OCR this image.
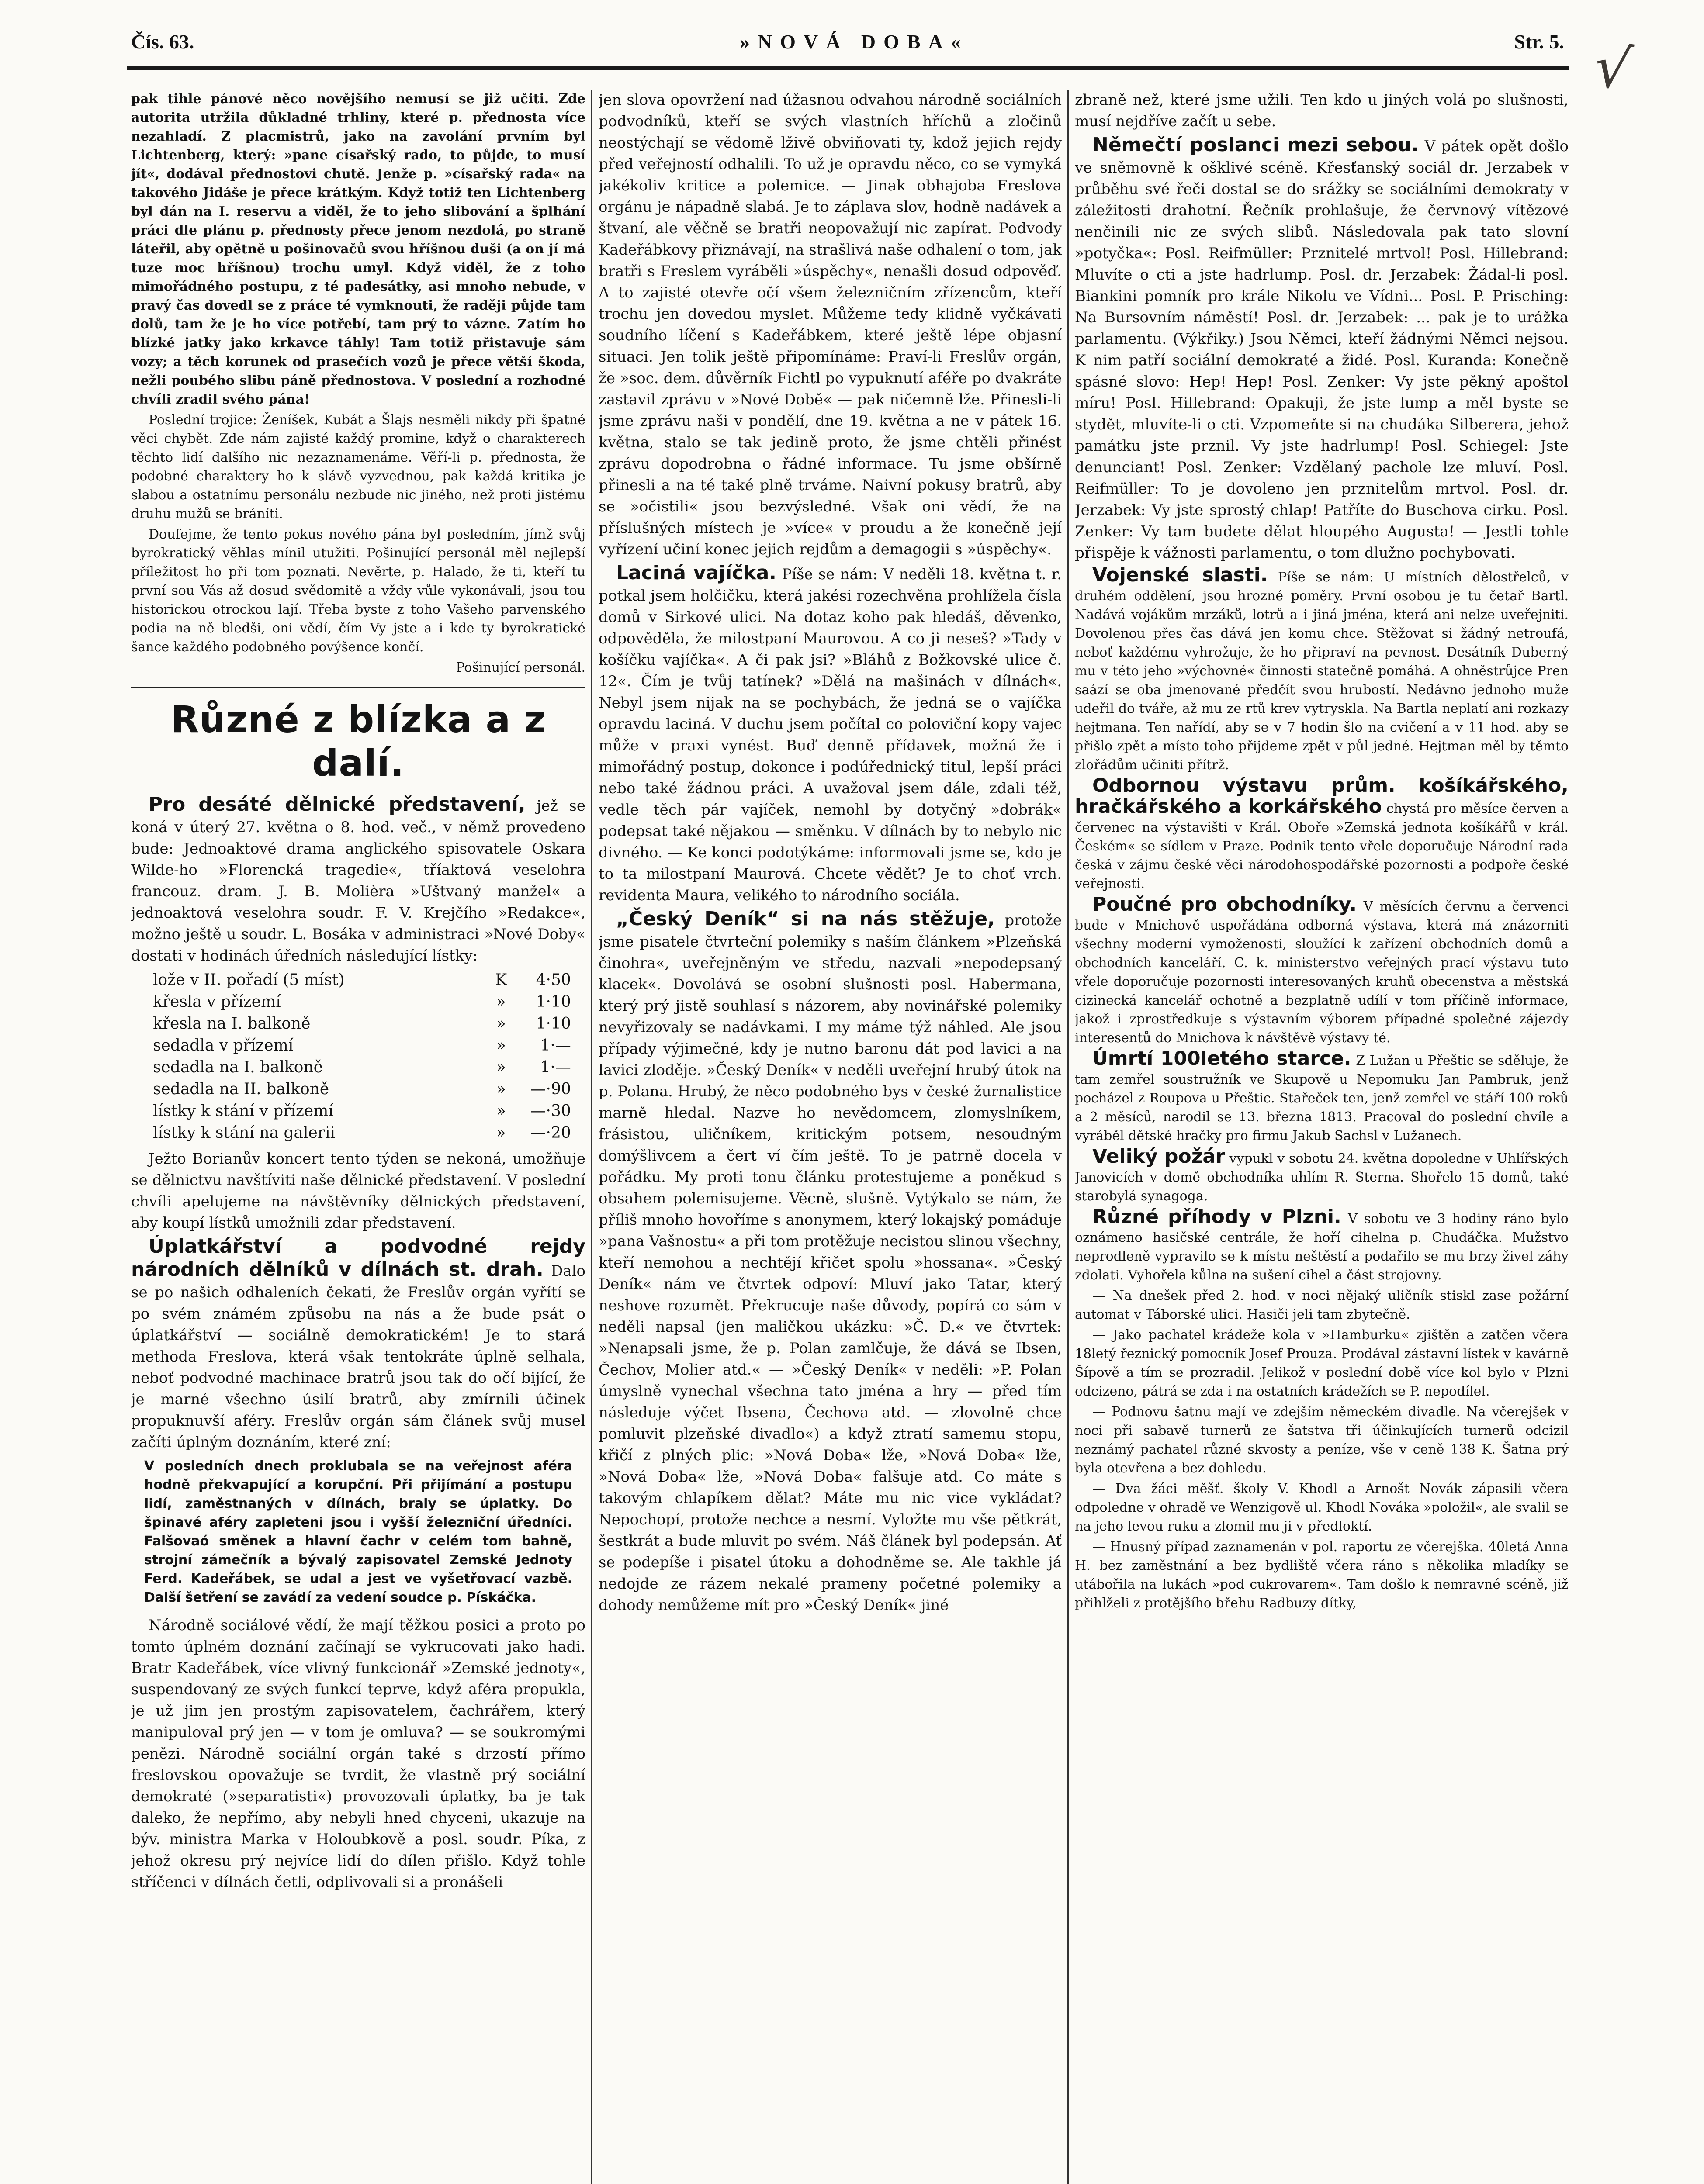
Čís. 63.	»NOVÁ DOBA«	Str. 5. √

pak tihle pánové něco novějšího nemusí se již učiti. Zde autorita utržila důkladné trhliny, které p. přednosta více nezahladí. Z placmistrů, jako na zavolání prvním byl Lichtenberg, který: »pane císařský rado, to půjde, to musí jít«, dodával přednostovi chutě. Jenže p. »císařský rada« na takového Jidáše je přece krátkým. Když totiž ten Lichtenberg byl dán na I. reservu a viděl, že to jeho slibování a šplhání práci dle plánu p. přednosty přece jenom nezdolá, po straně láteřil, aby opětně u pošinovačů svou hříšnou duši (a on jí má tuze moc hříšnou) trochu umyl. Když viděl, že z toho mimořádného postupu, z té padesátky, asi mnoho nebude, v pravý čas dovedl se z práce té vymknouti, že raději půjde tam dolů, tam že je ho více potřebí, tam prý to vázne. Zatím ho blízké jatky jako krkavce táhly! Tam totiž přistavuje sám vozy; a těch korunek od prasečích vozů je přece větší škoda, nežli poubého slibu páně přednostova. V poslední a rozhodné chvíli zradil svého pána!

Poslední trojice: Ženíšek, Kubát a Šlajs nesměli nikdy při špatné věci chybět. Zde nám zajisté každý promine, když o charakterech těchto lidí dalšího nic nezaznamenáme. Věří-li p. přednosta, že podobné charaktery ho k slávě vyzvednou, pak každá kritika je slabou a ostatnímu personálu nezbude nic jiného, než proti jistému druhu mužů se bráníti.

Doufejme, že tento pokus nového pána byl posledním, jímž svůj byrokratický věhlas mínil utužiti. Pošinující personál měl nejlepší příležitost ho při tom poznati. Nevěrte, p. Halado, že ti, kteří tu první sou Vás až dosud svědomitě a vždy vůle vykonávali, jsou tou historickou otrockou lají. Třeba byste z toho Vašeho parvenského podia na ně bledši, oni vědí, čím Vy jste a i kde ty byrokratické šance každého podobného povýšence končí.

Pošinující personál.

Různé z blízka a z dalí.

Pro desáté dělnické představení, jež se koná v úterý 27. května o 8. hod. več., v němž provedeno bude: Jednoaktové drama anglického spisovatele Oskara Wilde-ho »Florencká tragedie«, tříaktová veselohra francouz. dram. J. B. Molièra »Uštvaný manžel« a jednoaktová veselohra soudr. F. V. Krejčího »Redakce«, možno ještě u soudr. L. Bosáka v administraci »Nové Doby« dostati v hodinách úředních následující lístky:

lože v II. pořadí (5 míst)	K	4·50
křesla v přízemí	»	1·10
křesla na I. balkoně	»	1·10
sedadla v přízemí	»	1·—
sedadla na I. balkoně	»	1·—
sedadla na II. balkoně	»	—·90
lístky k stání v přízemí	»	—·30
lístky k stání na galerii	»	—·20

Ježto Borianův koncert tento týden se nekoná, umožňuje se dělnictvu navštíviti naše dělnické představení. V poslední chvíli apelujeme na návštěvníky dělnických představení, aby koupí lístků umožnili zdar představení.

Úplatkářství a podvodné rejdy národních dělníků v dílnách st. drah. Dalo se po našich odhaleních čekati, že Freslův orgán vyřítí se po svém známém způsobu na nás a že bude psát o úplatkářství — sociálně demokratickém! Je to stará methoda Freslova, která však tentokráte úplně selhala, neboť podvodné machinace bratrů jsou tak do očí bijící, že je marné všechno úsilí bratrů, aby zmírnili účinek propuknuvší aféry. Freslův orgán sám článek svůj musel začíti úplným doznáním, které zní:

V posledních dnech proklubala se na veřejnost aféra hodně překvapující a korupční. Při přijímání a postupu lidí, zaměstnaných v dílnách, braly se úplatky. Do špinavé aféry zapleteni jsou i vyšší železniční úředníci. Falšovaó směnek a hlavní čachr v celém tom bahně, strojní zámečník a bývalý zapisovatel Zemské Jednoty Ferd. Kadeřábek, se udal a jest ve vyšetřovací vazbě. Další šetření se zavádí za vedení soudce p. Pískáčka.

Národně sociálové vědí, že mají těžkou posici a proto po tomto úplném doznání začínají se vykrucovati jako hadi. Bratr Kadeřábek, více vlivný funkcionář »Zemské jednoty«, suspendovaný ze svých funkcí teprve, když aféra propukla, je už jim jen prostým zapisovatelem, čachrářem, který manipuloval prý jen — v tom je omluva? — se soukromými penězi. Národně sociální orgán také s drzostí přímo freslovskou opovažuje se tvrdit, že vlastně prý sociální demokraté (»separatisti«) provozovali úplatky, ba je tak daleko, že nepřímo, aby nebyli hned chyceni, ukazuje na býv. ministra Marka v Holoubkově a posl. soudr. Píka, z jehož okresu prý nejvíce lidí do dílen přišlo. Když tohle stříčenci v dílnách četli, odplivovali si a pronášeli

jen slova opovržení nad úžasnou odvahou národně sociálních podvodníků, kteří se svých vlastních hříchů a zločinů neostýchají se vědomě lživě obviňovati ty, kdož jejich rejdy před veřejností odhalili. To už je opravdu něco, co se vymyká jakékoliv kritice a polemice. — Jinak obhajoba Freslova orgánu je nápadně slabá. Je to záplava slov, hodně nadávek a štvaní, ale věčně se bratři neopovažují nic zapírat. Podvody Kadeřábkovy přiznávají, na strašlivá naše odhalení o tom, jak bratři s Freslem vyráběli »úspěchy«, nenašli dosud odpověď. A to zajisté otevře očí všem železničním zřízencům, kteří trochu jen dovedou myslet. Můžeme tedy klidně vyčkávati soudního líčení s Kadeřábkem, které ještě lépe objasní situaci. Jen tolik ještě připomínáme: Praví-li Freslův orgán, že »soc. dem. důvěrník Fichtl po vypuknutí aféře po dvakráte zastavil zprávu v »Nové Době« — pak ničemně lže. Přinesli-li jsme zprávu naši v pondělí, dne 19. května a ne v pátek 16. května, stalo se tak jedině proto, že jsme chtěli přinést zprávu dopodrobna o řádné informace. Tu jsme obšírně přinesli a na té také plně trváme. Naivní pokusy bratrů, aby se »očistili« jsou bezvýsledné. Však oni vědí, že na příslušných místech je »více« v proudu a že konečně její vyřízení učiní konec jejich rejdům a demagogii s »úspěchy«.

Laciná vajíčka. Píše se nám: V neděli 18. května t. r. potkal jsem holčičku, která jakési rozechvěna prohlížela čísla domů v Sirkové ulici. Na dotaz koho pak hledáš, děvenko, odpověděla, že milostpaní Maurovou. A co ji neseš? »Tady v košíčku vajíčka«. A či pak jsi? »Bláhů z Božkovské ulice č. 12«. Čím je tvůj tatínek? »Dělá na mašinách v dílnách«. Nebyl jsem nijak na se pochybách, že jedná se o vajíčka opravdu laciná. V duchu jsem počítal co poloviční kopy vajec může v praxi vynést. Buď denně přídavek, možná že i mimořádný postup, dokonce i podúřednický titul, lepší práci nebo také žádnou práci. A uvažoval jsem dále, zdali též, vedle těch pár vajíček, nemohl by dotyčný »dobrák« podepsat také nějakou — směnku. V dílnách by to nebylo nic divného. — Ke konci podotýkáme: informovali jsme se, kdo je to ta milostpaní Maurová. Chcete vědět? Je to choť vrch. revidenta Maura, velikého to národního sociála.

„Český Deník“ si na nás stěžuje, protože jsme pisatele čtvrteční polemiky s naším článkem »Plzeňská činohra«, uveřejněným ve středu, nazvali »nepodepsaný klacek«. Dovolává se osobní slušnosti posl. Habermana, který prý jistě souhlasí s názorem, aby novinářské polemiky nevyřizovaly se nadávkami. I my máme týž náhled. Ale jsou případy výjimečné, kdy je nutno baronu dát pod lavici a na lavici zloděje. »Český Deník« v neděli uveřejní hrubý útok na p. Polana. Hrubý, že něco podobného bys v české žurnalistice marně hledal. Nazve ho nevědomcem, zlomyslníkem, frásistou, uličníkem, kritickým potsem, nesoudným domýšlivcem a čert ví čím ještě. To je patrně docela v pořádku. My proti tonu článku protestujeme a poněkud s obsahem polemisujeme. Věcně, slušně. Vytýkalo se nám, že příliš mnoho hovoříme s anonymem, který lokajský pomáduje »pana Vašnostu« a při tom protěžuje necistou slinou všechny, kteří nemohou a nechtějí křičet spolu »hossana«. »Český Deník« nám ve čtvrtek odpoví: Mluví jako Tatar, který neshove rozumět. Překrucuje naše důvody, popírá co sám v neděli napsal (jen maličkou ukázku: »Č. D.« ve čtvrtek: »Nenapsali jsme, že p. Polan zamlčuje, že dává se Ibsen, Čechov, Molier atd.« — »Český Deník« v neděli: »P. Polan úmyslně vynechal všechna tato jména a hry — před tím následuje výčet Ibsena, Čechova atd. — zlovolně chce pomluvit plzeňské divadlo«) a když ztratí samemu stopu, křičí z plných plic: »Nová Doba« lže, »Nová Doba« lže, »Nová Doba« lže, »Nová Doba« falšuje atd. Co máte s takovým chlapíkem dělat? Máte mu nic vice vykládat? Nepochopí, protože nechce a nesmí. Vyložte mu vše pětkrát, šestkrát a bude mluvit po svém. Náš článek byl podepsán. Ať se podepíše i pisatel útoku a dohodněme se. Ale takhle já nedojde ze rázem nekalé prameny početné polemiky a dohody nemůžeme mít pro »Český Deník« jiné

zbraně než, které jsme užili. Ten kdo u jiných volá po slušnosti, musí nejdříve začít u sebe.

Němečtí poslanci mezi sebou. V pátek opět došlo ve sněmovně k ošklivé scéně. Křesťanský sociál dr. Jerzabek v průběhu své řeči dostal se do srážky se sociálními demokraty v záležitosti drahotní. Řečník prohlašuje, že červnový vítězové nenčinili nic ze svých slibů. Následovala pak tato slovní »potyčka«: Posl. Reifmüller: Prznitelé mrtvol! Posl. Hillebrand: Mluvíte o cti a jste hadrlump. Posl. dr. Jerzabek: Žádal-li posl. Biankini pomník pro krále Nikolu ve Vídni... Posl. P. Prisching: Na Bursovním náměstí! Posl. dr. Jerzabek: ... pak je to urážka parlamentu. (Výkřiky.) Jsou Němci, kteří žádnými Němci nejsou. K nim patří sociální demokraté a židé. Posl. Kuranda: Konečně spásné slovo: Hep! Hep! Posl. Zenker: Vy jste pěkný apoštol míru! Posl. Hillebrand: Opakuji, že jste lump a měl byste se stydět, mluvíte-li o cti. Vzpomeňte si na chudáka Silberera, jehož památku jste prznil. Vy jste hadrlump! Posl. Schiegel: Jste denunciant! Posl. Zenker: Vzdělaný pachole lze mluví. Posl. Reifmüller: To je dovoleno jen prznitelům mrtvol. Posl. dr. Jerzabek: Vy jste sprostý chlap! Patříte do Buschova cirku. Posl. Zenker: Vy tam budete dělat hloupého Augusta! — Jestli tohle přispěje k vážnosti parlamentu, o tom dlužno pochybovati.

Vojenské slasti. Píše se nám: U místních dělostřelců, v druhém oddělení, jsou hrozné poměry. První osobou je tu četař Bartl. Nadává vojákům mrzáků, lotrů a i jiná jména, která ani nelze uveřejniti. Dovolenou přes čas dává jen komu chce. Stěžovat si žádný netroufá, neboť každému vyhrožuje, že ho připraví na pevnost. Desátník Duberný mu v této jeho »výchovné« činnosti statečně pomáhá. A ohněstrůjce Pren saází se oba jmenované předčít svou hrubostí. Nedávno jednoho muže udeřil do tváře, až mu ze rtů krev vytryskla. Na Bartla neplatí ani rozkazy hejtmana. Ten nařídí, aby se v 7 hodin šlo na cvičení a v 11 hod. aby se přišlo zpět a místo toho přijdeme zpět v půl jedné. Hejtman měl by těmto zlořádům učiniti přítrž.

Odbornou výstavu prům. košíkářského, hračkářského a korkářského chystá pro měsíce červen a červenec na výstavišti v Král. Oboře »Zemská jednota košíkářů v král. Českém« se sídlem v Praze. Podnik tento vřele doporučuje Národní rada česká v zájmu české věci národohospodářské pozornosti a podpoře české veřejnosti.

Poučné pro obchodníky. V měsících červnu a červenci bude v Mnichově uspořádána odborná výstava, která má znázorniti všechny moderní vymoženosti, sloužící k zařízení obchodních domů a obchodních kanceláří. C. k. ministerstvo veřejných prací výstavu tuto vřele doporučuje pozornosti interesovaných kruhů obecenstva a městská cizinecká kancelář ochotně a bezplatně udílí v tom příčině informace, jakož i zprostředkuje s výstavním výborem případné společné zájezdy interesentů do Mnichova k návštěvě výstavy té.

Úmrtí 100letého starce. Z Lužan u Přeštic se sděluje, že tam zemřel soustružník ve Skupově u Nepomuku Jan Pambruk, jenž pocházel z Roupova u Přeštic. Stařeček ten, jenž zemřel ve stáří 100 roků a 2 měsíců, narodil se 13. března 1813. Pracoval do poslední chvíle a vyráběl dětské hračky pro firmu Jakub Sachsl v Lužanech.

Veliký požár vypukl v sobotu 24. května dopoledne v Uhlířských Janovicích v domě obchodníka uhlím R. Sterna. Shořelo 15 domů, také starobylá synagoga.

Různé příhody v Plzni. V sobotu ve 3 hodiny ráno bylo oznámeno hasičské centrále, že hoří cihelna p. Chudáčka. Mužstvo neprodleně vypravilo se k místu neštěstí a podařilo se mu brzy živel záhy zdolati. Vyhořela kůlna na sušení cihel a část strojovny.

— Na dnešek před 2. hod. v noci nějaký uličník stiskl zase požární automat v Táborské ulici. Hasiči jeli tam zbytečně.

— Jako pachatel krádeže kola v »Hamburku« zjištěn a zatčen včera 18letý řeznický pomocník Josef Prouza. Prodával zástavní lístek v kavárně Šípově a tím se prozradil. Jelikož v poslední době více kol bylo v Plzni odcizeno, pátrá se zda i na ostatních krádežích se P. nepodílel.

— Podnovu šatnu mají ve zdejším německém divadle. Na včerejšek v noci při sabavě turnerů ze šatstva tři účinkujících turnerů odcizil neznámý pachatel různé skvosty a peníze, vše v ceně 138 K. Šatna prý byla otevřena a bez dohledu.

— Dva žáci měšť. školy V. Khodl a Arnošt Novák zápasili včera odpoledne v ohradě ve Wenzigově ul. Khodl Nováka »položil«, ale svalil se na jeho levou ruku a zlomil mu ji v předloktí.

— Hnusný případ zaznamenán v pol. raportu ze včerejška. 40letá Anna H. bez zaměstnání a bez bydliště včera ráno s několika mladíky se utábořila na lukách »pod cukrovarem«. Tam došlo k nemravné scéně, již přihlželi z protějšího břehu Radbuzy dítky,
